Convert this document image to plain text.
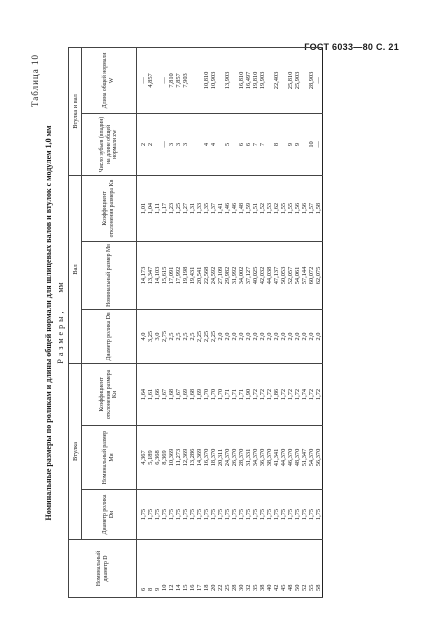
ГОСТ 6033—80 С. 21
Таблица 10
Номинальные размеры по роликам и длины общей нормали для шлицевых валов и втулок с модулем 1,0 мм Размеры,мм
Номинальный диаметр D	Втулка			Вал			Втулка и вал	
	Диаметр ролика Dи	Номинальный размер Mи	Коэффициент отклонения размера Kи	Диаметр ролика Dв	Номинальный размер Mв	Коэффициент отклонения размера Kв	Число зубьев (впадин) на длине общей нормали zw	Длина общей нормали W
6	1,75	4,367	1,64	4,0	14,173	1,01	2	—
8	1,75	5,189	1,61	3,25	13,347	1,04	2	4,857
9	1,75	6,368	1,66	3,0	14,103	1,11		
10	1,75	8,369	1,67	2,75	15,615	1,17	—	—
12	1,75	10,369	1,68	2,5	17,091	1,23	3	7,810
14	1,75	11,273	1,67	2,5	17,992	1,25	3	7,857
15	1,75	12,369	1,69	2,5	19,198	1,27	3	7,903
16	1,75	13,286	1,68	2,5	19,431	1,31		
17	1,75	14,369	1,69	2,25	20,541	1,33		
18	1,75	16,370	1,70	2,25	22,568	1,35	4	10,810
20	1,75	18,370	1,70	2,25	24,592	1,37	4	10,903
22	1,75	20,311	1,70	2,0	27,109	1,41		
25	1,75	24,370	1,71	2,0	29,982	1,46	5	13,903
28	1,75	26,370	1,71	2,0	31,992	1,46		
30	1,75	28,370	1,71	2,0	34,002	1,48	6	16,810
32	1,75	31,331	1,90	2,0	37,127	1,59	6	16,497
35	1,75	34,370	1,72	2,0	40,025	1,51	7	19,810
38	1,75	36,370	1,72	2,0	42,032	1,52	7	19,903
40	1,75	38,370	1,72	2,0	44,038	1,53		
42	1,75	41,341	1,86	2,0	47,137	1,62	8	22,403
45	1,75	44,370	1,72	2,0	50,053	1,55		
48	1,75	46,370	1,72	2,0	52,057	1,55	9	25,810
50	1,75	48,370	1,72	2,0	54,061	1,56	9	25,903
52	1,75	51,347	1,74	2,0	57,144	1,56		
55	1,75	54,370	1,72	2,0	60,072	1,57	10	28,903
58	1,75	56,370	1,72	2,0	62,075	1,58	—	—
